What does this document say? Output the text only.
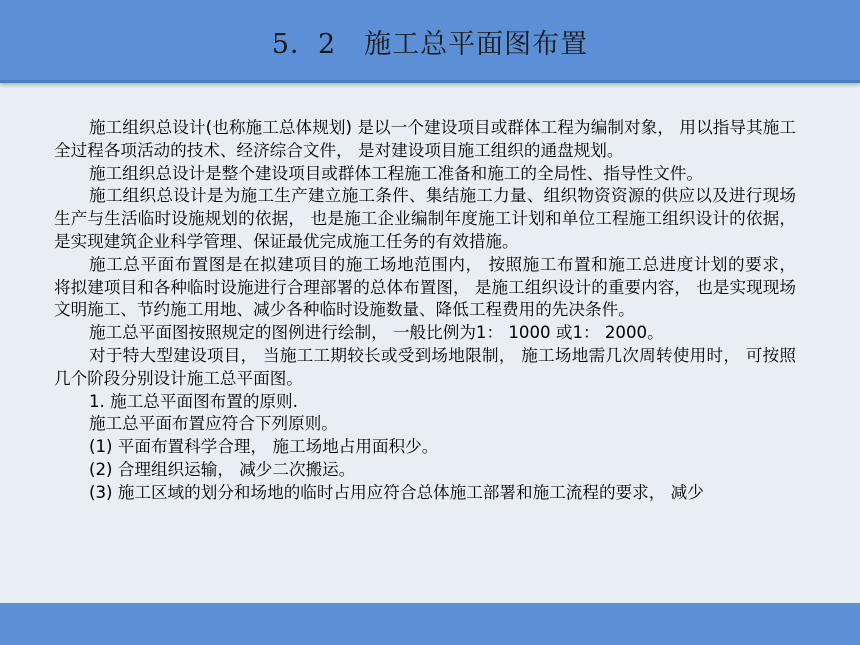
5．2　施工总平面图布置

施工组织总设计(也称施工总体规划) 是以一个建设项目或群体工程为编制对象， 用以指导其施工全过程各项活动的技术、经济综合文件， 是对建设项目施工组织的通盘规划。

施工组织总设计是整个建设项目或群体工程施工准备和施工的全局性、指导性文件。

施工组织总设计是为施工生产建立施工条件、集结施工力量、组织物资资源的供应以及进行现场生产与生活临时设施规划的依据， 也是施工企业编制年度施工计划和单位工程施工组织设计的依据， 是实现建筑企业科学管理、保证最优完成施工任务的有效措施。

施工总平面布置图是在拟建项目的施工场地范围内， 按照施工布置和施工总进度计划的要求， 将拟建项目和各种临时设施进行合理部署的总体布置图， 是施工组织设计的重要内容， 也是实现现场文明施工、节约施工用地、减少各种临时设施数量、降低工程费用的先决条件。

施工总平面图按照规定的图例进行绘制， 一般比例为1： 1000 或1： 2000。

对于特大型建设项目， 当施工工期较长或受到场地限制， 施工场地需几次周转使用时， 可按照几个阶段分别设计施工总平面图。

1. 施工总平面图布置的原则.

施工总平面布置应符合下列原则。

(1) 平面布置科学合理， 施工场地占用面积少。

(2) 合理组织运输， 减少二次搬运。

(3) 施工区域的划分和场地的临时占用应符合总体施工部署和施工流程的要求， 减少
